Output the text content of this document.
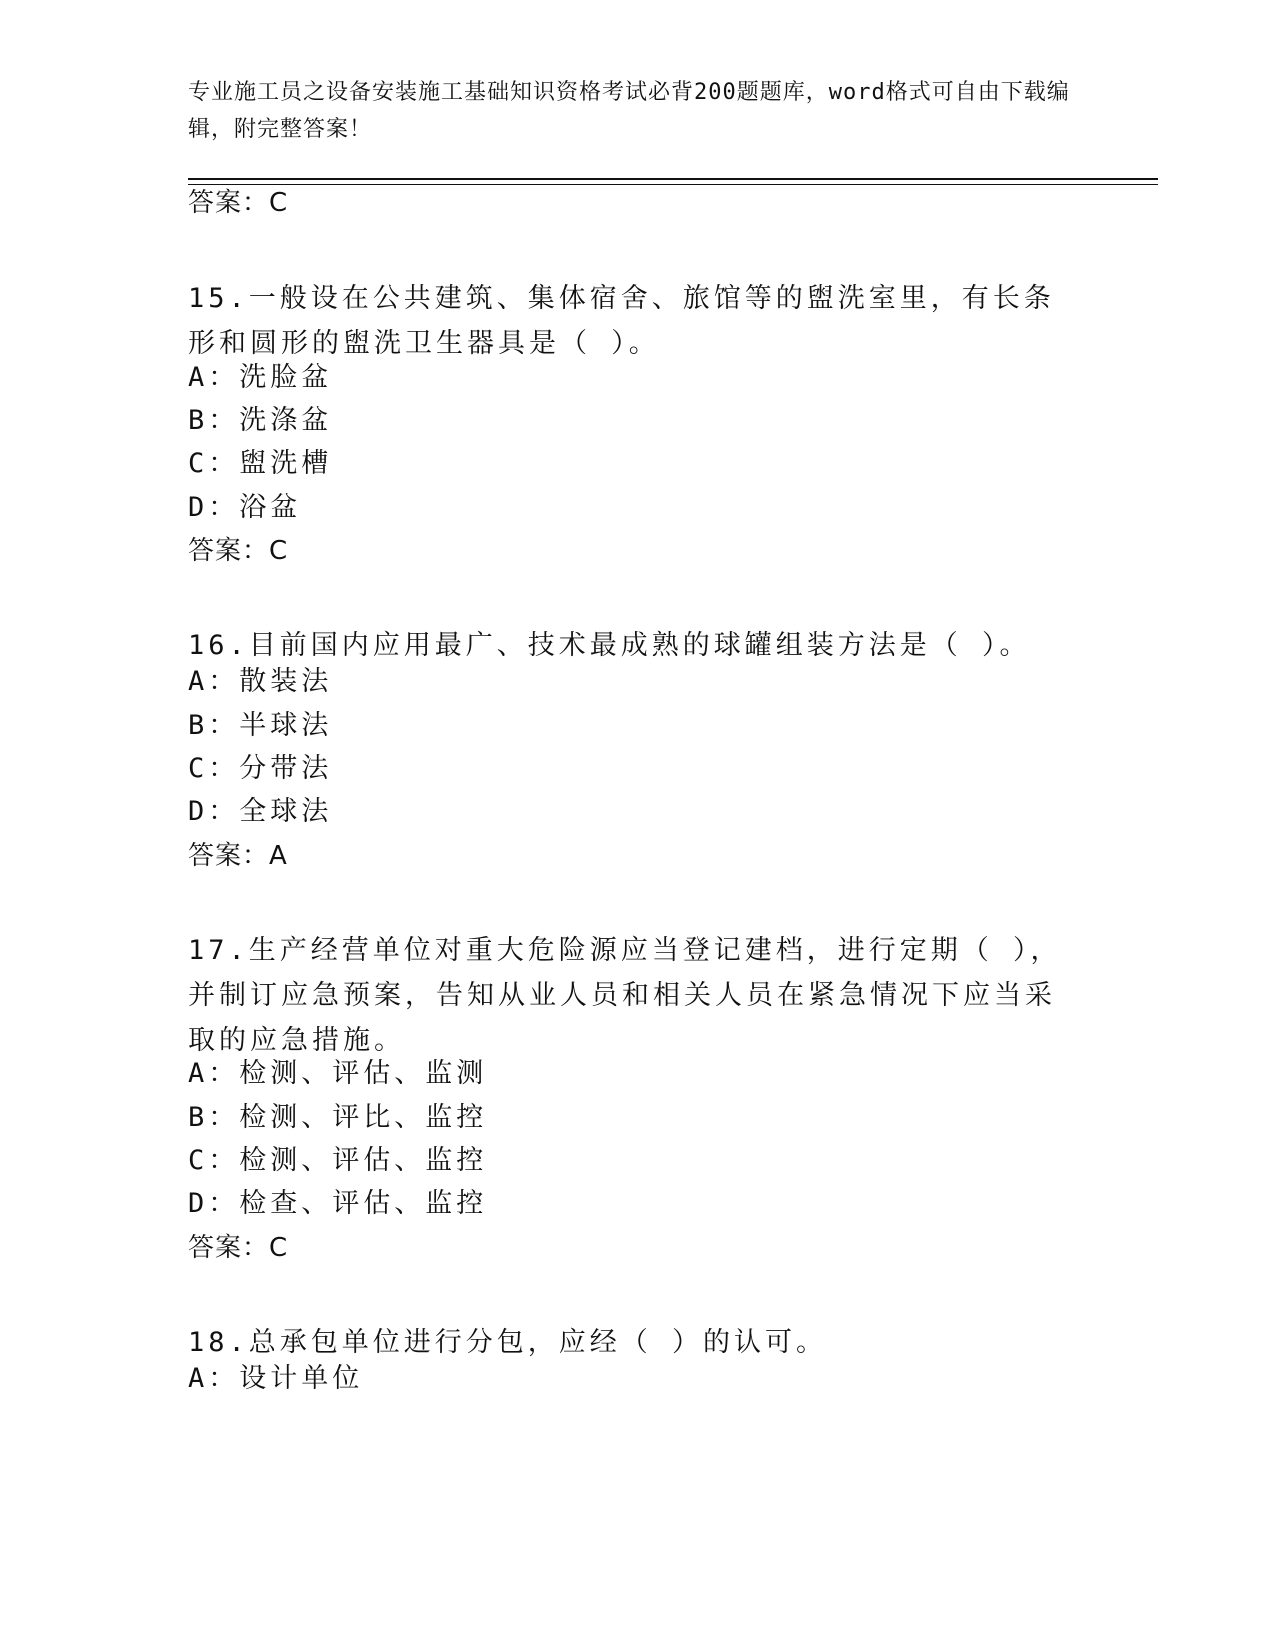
专业施工员之设备安装施工基础知识资格考试必背200题题库，word格式可自由下载编辑，附完整答案！
答案：C
15.一般设在公共建筑、集体宿舍、旅馆等的盥洗室里，有长条形和圆形的盥洗卫生器具是（ ）。
A：洗脸盆
B：洗涤盆
C：盥洗槽
D：浴盆
答案：C
16.目前国内应用最广、技术最成熟的球罐组装方法是（ ）。
A：散装法
B：半球法
C：分带法
D：全球法
答案：A
17.生产经营单位对重大危险源应当登记建档，进行定期（ ），并制订应急预案，告知从业人员和相关人员在紧急情况下应当采取的应急措施。
A：检测、评估、监测
B：检测、评比、监控
C：检测、评估、监控
D：检查、评估、监控
答案：C
18.总承包单位进行分包，应经（ ）的认可。
A：设计单位
